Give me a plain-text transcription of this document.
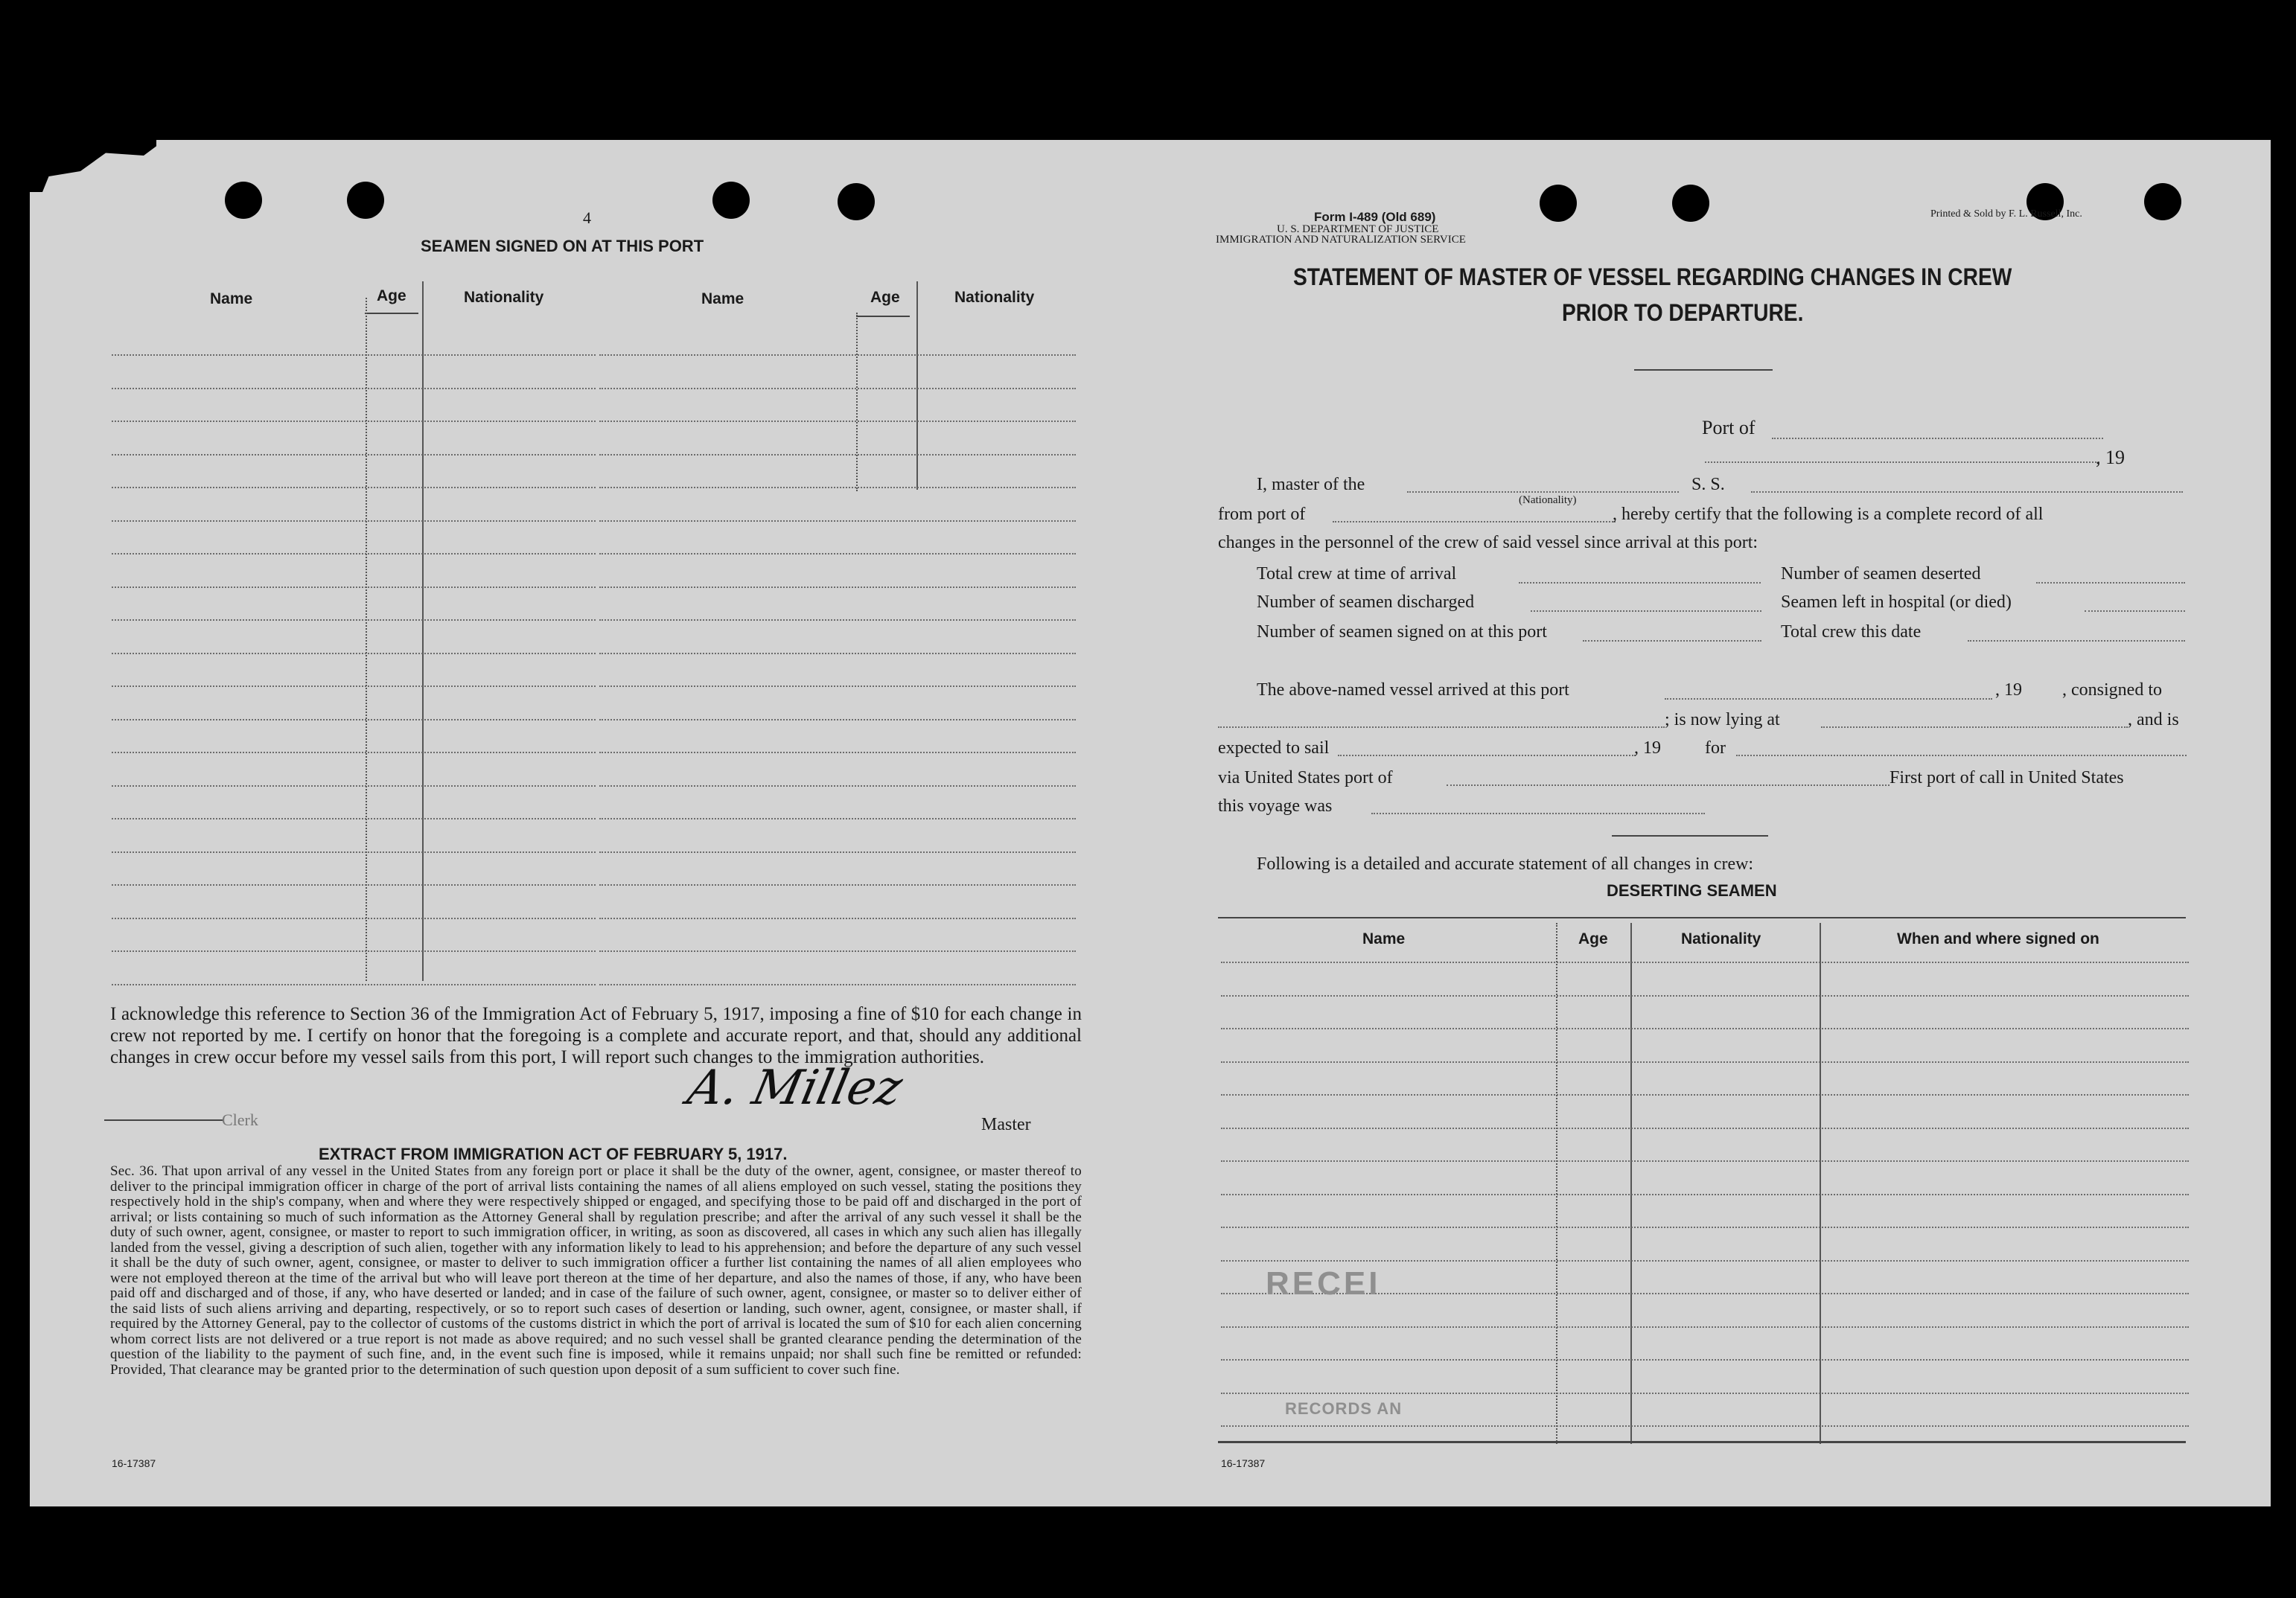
4
SEAMEN SIGNED ON AT THIS PORT
Name	Age	Nationality	Name	Age	Nationality
I acknowledge this reference to Section 36 of the Immigration Act of February 5, 1917, imposing a fine of $10 for each change in crew not reported by me. I certify on honor that the foregoing is a complete and accurate report, and that, should any additional changes in crew occur before my vessel sails from this port, I will report such changes to the immigration authorities.
A. Millez
Clerk	Master
EXTRACT FROM IMMIGRATION ACT OF FEBRUARY 5, 1917.
Sec. 36. That upon arrival of any vessel in the United States from any foreign port or place it shall be the duty of the owner, agent, consignee, or master thereof to deliver to the principal immigration officer in charge of the port of arrival lists containing the names of all aliens employed on such vessel, stating the positions they respectively hold in the ship's company, when and where they were respectively shipped or engaged, and specifying those to be paid off and discharged in the port of arrival; or lists containing so much of such information as the Attorney General shall by regulation prescribe; and after the arrival of any such vessel it shall be the duty of such owner, agent, consignee, or master to report to such immigration officer, in writing, as soon as discovered, all cases in which any such alien has illegally landed from the vessel, giving a description of such alien, together with any information likely to lead to his apprehension; and before the departure of any such vessel it shall be the duty of such owner, agent, consignee, or master to deliver to such immigration officer a further list containing the names of all alien employees who were not employed thereon at the time of the arrival but who will leave port thereon at the time of her departure, and also the names of those, if any, who have been paid off and discharged and of those, if any, who have deserted or landed; and in case of the failure of such owner, agent, consignee, or master so to deliver either of the said lists of such aliens arriving and departing, respectively, or so to report such cases of desertion or landing, such owner, agent, consignee, or master shall, if required by the Attorney General, pay to the collector of customs of the customs district in which the port of arrival is located the sum of $10 for each alien concerning whom correct lists are not delivered or a true report is not made as above required; and no such vessel shall be granted clearance pending the determination of the question of the liability to the payment of such fine, and, in the event such fine is imposed, while it remains unpaid; nor shall such fine be remitted or refunded: Provided, That clearance may be granted prior to the determination of such question upon deposit of a sum sufficient to cover such fine.
16-17387
Form I-489 (Old 689)
U. S. DEPARTMENT OF JUSTICE
IMMIGRATION AND NATURALIZATION SERVICE
Printed & Sold by F. L. Russell, Inc.
STATEMENT OF MASTER OF VESSEL REGARDING CHANGES IN CREW
PRIOR TO DEPARTURE.
Port of
, 19
I, master of the
(Nationality)
S. S.
from port of	, hereby certify that the following is a complete record of all
changes in the personnel of the crew of said vessel since arrival at this port:
Total crew at time of arrival	Number of seamen deserted
Number of seamen discharged	Seamen left in hospital (or died)
Number of seamen signed on at this port	Total crew this date
The above-named vessel arrived at this port	, 19 , consigned to
; is now lying at	, and is
expected to sail	, 19 for
via United States port of	First port of call in United States
this voyage was
Following is a detailed and accurate statement of all changes in crew:
DESERTING SEAMEN
Name	Age	Nationality	When and where signed on
RECEI
RECORDS AN
16-17387
